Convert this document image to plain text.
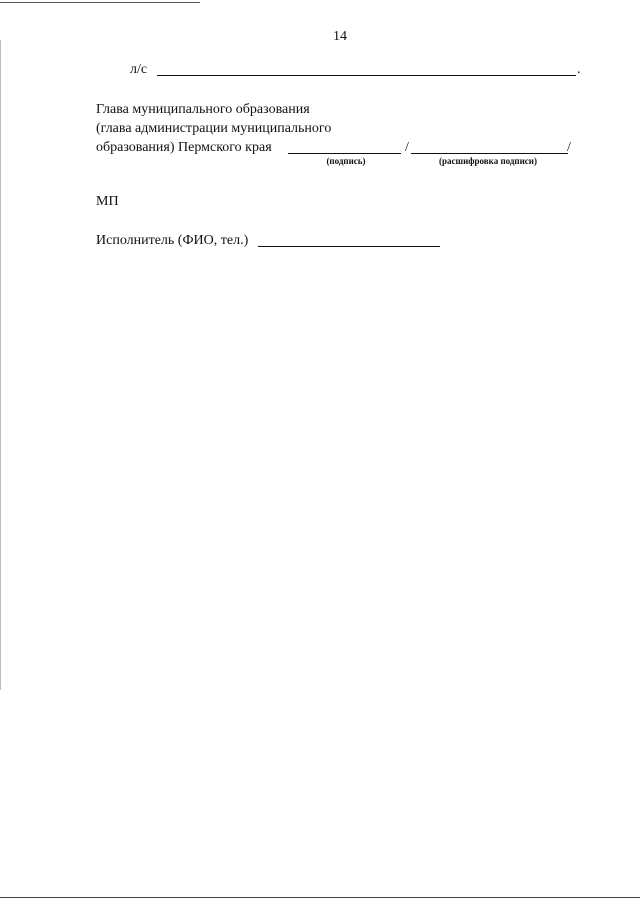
14
л/с	.
Глава муниципального образования
(глава администрации муниципального
образования) Пермского края	/	/
(подпись)	(расшифровка подписи)
МП
Исполнитель (ФИО, тел.)
